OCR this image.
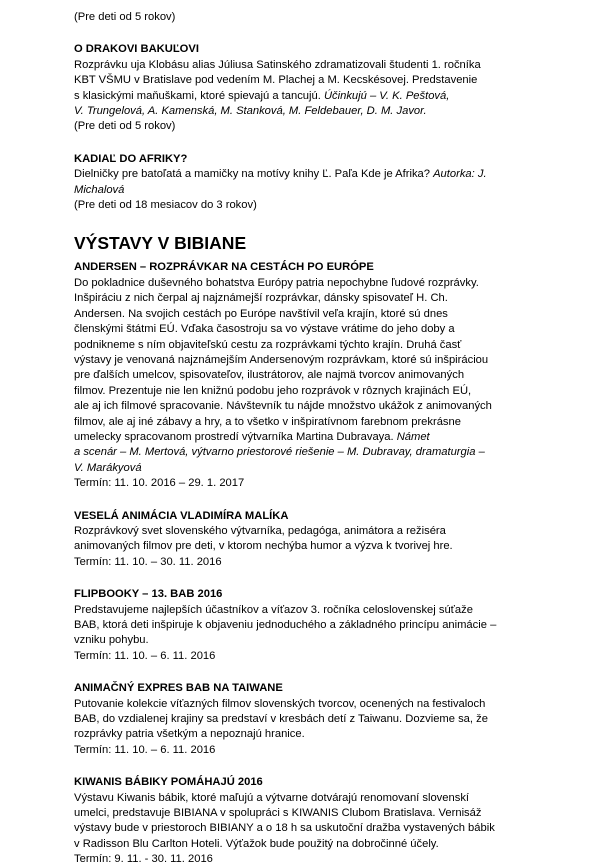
(Pre deti od 5 rokov)

O DRAKOVI BAKUĽOVI

Rozprávku uja Klobásu alias Júliusa Satinského zdramatizovali študenti 1. ročníka

KBT VŠMU v Bratislave pod vedením M. Plachej a M. Kecskésovej. Predstavenie

s klasickými maňuškami, ktoré spievajú a tancujú. Účinkujú – V. K. Peštová,

V. Trungelová, A. Kamenská, M. Stanková, M. Feldebauer, D. M. Javor.

(Pre deti od 5 rokov)

KADIAĽ DO AFRIKY?

Dielničky pre batoľatá a mamičky na motívy knihy Ľ. Paľa Kde je Afrika? Autorka: J.

Michalová

(Pre deti od 18 mesiacov do 3 rokov)

VÝSTAVY V BIBIANE

ANDERSEN – ROZPRÁVKAR NA CESTÁCH PO EURÓPE

Do pokladnice duševného bohatstva Európy patria nepochybne ľudové rozprávky.

Inšpiráciu z nich čerpal aj najznámejší rozprávkar, dánsky spisovateľ H. Ch.

Andersen. Na svojich cestách po Európe navštívil veľa krajín, ktoré sú dnes

členskými štátmi EÚ. Vďaka časostroju sa vo výstave vrátime do jeho doby a

podnikneme s ním objaviteľskú cestu za rozprávkami týchto krajín. Druhá časť

výstavy je venovaná najznámejším Andersenovým rozprávkam, ktoré sú inšpiráciou

pre ďalších umelcov, spisovateľov, ilustrátorov, ale najmä tvorcov animovaných

filmov. Prezentuje nie len knižnú podobu jeho rozprávok v rôznych krajinách EÚ,

ale aj ich filmové spracovanie. Návštevník tu nájde množstvo ukážok z animovaných

filmov, ale aj iné zábavy a hry, a to všetko v inšpiratívnom farebnom prekrásne

umelecky spracovanom prostredí výtvarníka Martina Dubravaya. Námet

a scenár – M. Mertová, výtvarno priestorové riešenie – M. Dubravay, dramaturgia –

V. Marákyová

Termín: 11. 10. 2016 – 29. 1. 2017

VESELÁ ANIMÁCIA VLADIMÍRA MALÍKA

Rozprávkový svet slovenského výtvarníka, pedagóga, animátora a režiséra

animovaných filmov pre deti, v ktorom nechýba humor a výzva k tvorivej hre.

Termín: 11. 10. – 30. 11. 2016

FLIPBOOKY – 13. BAB 2016

Predstavujeme najlepších účastníkov a víťazov 3. ročníka celoslovenskej súťaže

BAB, ktorá deti inšpiruje k objaveniu jednoduchého a základného princípu animácie –

vzniku pohybu.

Termín: 11. 10. – 6. 11. 2016

ANIMAČNÝ EXPRES BAB NA TAIWANE

Putovanie kolekcie víťazných filmov slovenských tvorcov, ocenených na festivaloch

BAB, do vzdialenej krajiny sa predstaví v kresbách detí z Taiwanu. Dozvieme sa, že

rozprávky patria všetkým a nepoznajú hranice.

Termín: 11. 10. – 6. 11. 2016

KIWANIS BÁBIKY POMÁHAJÚ 2016

Výstavu Kiwanis bábik, ktoré maľujú a výtvarne dotvárajú renomovaní slovenskí

umelci, predstavuje BIBIANA v spolupráci s KIWANIS Clubom Bratislava. Vernisáž

výstavy bude v priestoroch BIBIANY a o 18 h sa uskutoční dražba vystavených bábik

v Radisson Blu Carlton Hoteli. Výťažok bude použitý na dobročinné účely.

Termín: 9. 11. - 30. 11. 2016
